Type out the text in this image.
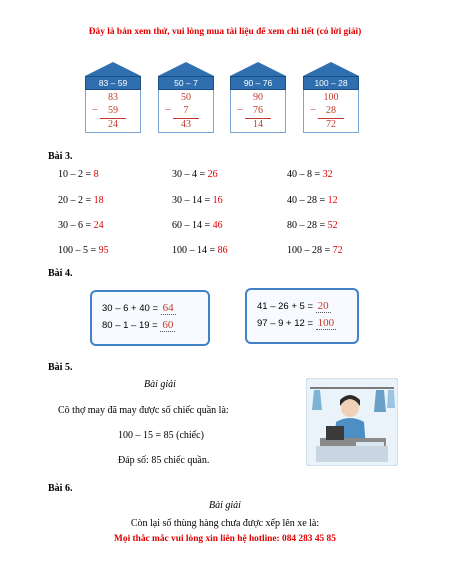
Đây là bản xem thử, vui lòng mua tài liệu để xem chi tiết (có lời giải)
83 – 59
83
–	59
24
50 – 7
50
–	7
43
90 – 76
90
–	76
14
100 – 28
100
–	28
72
Bài 3.
10 – 2 = 8	30 – 4 = 26	40 – 8 = 32
20 – 2 = 18	30 – 14 = 16	40 – 28 = 12
30 – 6 = 24	60 – 14 = 46	80 – 28 = 52
100 – 5 = 95	100 – 14 = 86	100 – 28 = 72
Bài 4.
30 – 6 + 40 = 64
80 – 1 – 19 = 60
41 – 26 + 5 = 20
97 – 9 + 12 = 100
Bài 5.
Bài giải
Cô thợ may đã may được số chiếc quần là:
100 – 15 = 85 (chiếc)
Đáp số: 85 chiếc quần.
Bài 6.
Bài giải
Còn lại số thùng hàng chưa được xếp lên xe là:
Mọi thắc mắc vui lòng xin liên hệ hotline: 084 283 45 85
